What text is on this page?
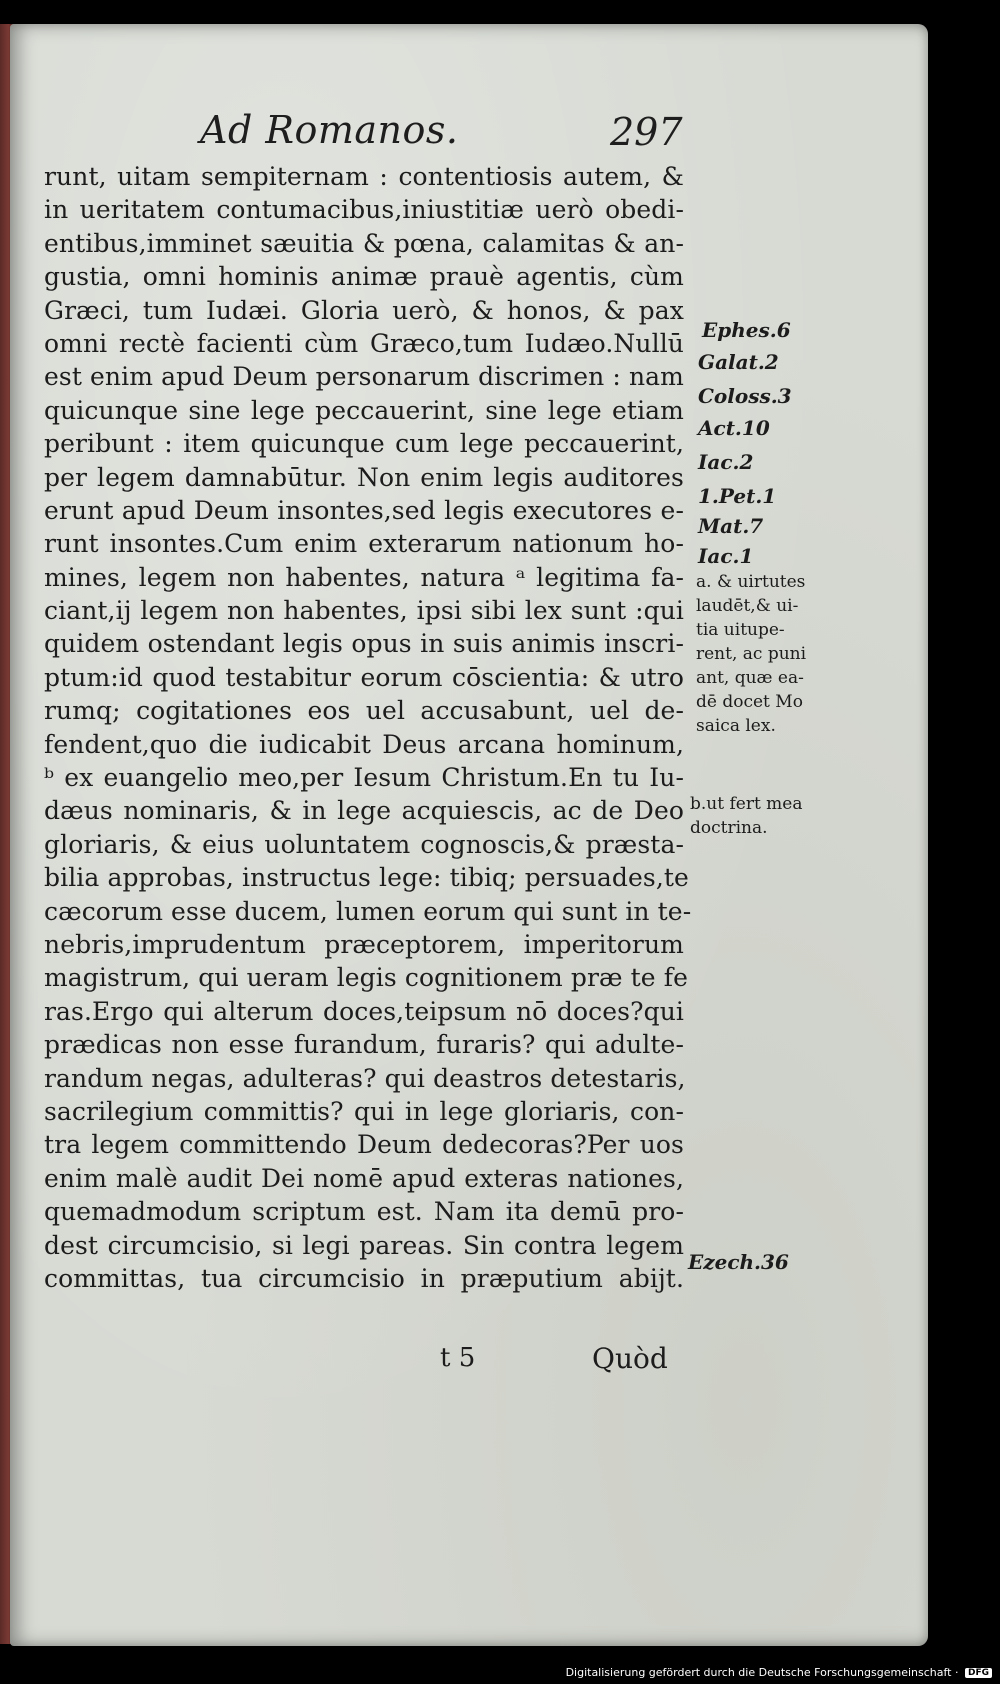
Ad Romanos.	297
runt, uitam sempiternam : contentiosis autem, &
in ueritatem contumacibus,iniustitiæ uerò obedi-
entibus,imminet sæuitia & pœna, calamitas & an-
gustia, omni hominis animæ prauè agentis, cùm
Græci, tum Iudæi. Gloria uerò, & honos, & pax
omni rectè facienti cùm Græco,tum Iudæo.Nullū
est enim apud Deum personarum discrimen : nam
quicunque sine lege peccauerint, sine lege etiam
peribunt : item quicunque cum lege peccauerint,
per legem damnabūtur. Non enim legis auditores
erunt apud Deum insontes,sed legis executores e-
runt insontes.Cum enim exterarum nationum ho-
mines, legem non habentes, natura ᵃ legitima fa-
ciant,ij legem non habentes, ipsi sibi lex sunt :qui
quidem ostendant legis opus in suis animis inscri-
ptum:id quod testabitur eorum cōscientia: & utro
rumq; cogitationes eos uel accusabunt, uel de-
fendent,quo die iudicabit Deus arcana hominum,
ᵇ ex euangelio meo,per Iesum Christum.En tu Iu-
dæus nominaris, & in lege acquiescis, ac de Deo
gloriaris, & eius uoluntatem cognoscis,& præsta-
bilia approbas, instructus lege: tibiq; persuades,te
cæcorum esse ducem, lumen eorum qui sunt in te-
nebris,imprudentum præceptorem, imperitorum
magistrum, qui ueram legis cognitionem præ te fe
ras.Ergo qui alterum doces,teipsum nō doces?qui
prædicas non esse furandum, furaris? qui adulte-
randum negas, adulteras? qui deastros detestaris,
sacrilegium committis? qui in lege gloriaris, con-
tra legem committendo Deum dedecoras?Per uos
enim malè audit Dei nomē apud exteras nationes,
quemadmodum scriptum est. Nam ita demū pro-
dest circumcisio, si legi pareas. Sin contra legem
committas, tua circumcisio in præputium abijt.
Ephes.6
Galat.2
Coloss.3
Act.10
Iac.2
1.Pet.1
Mat.7
Iac.1
Ezech.36
a. & uirtutes
laudēt,& ui-
tia uitupe-
rent, ac puni
ant, quæ ea-
dē docet Mo
saica lex.
b.ut fert mea
doctrina.
t 5	Quòd
Digitalisierung gefördert durch die Deutsche Forschungsgemeinschaft · DFG
